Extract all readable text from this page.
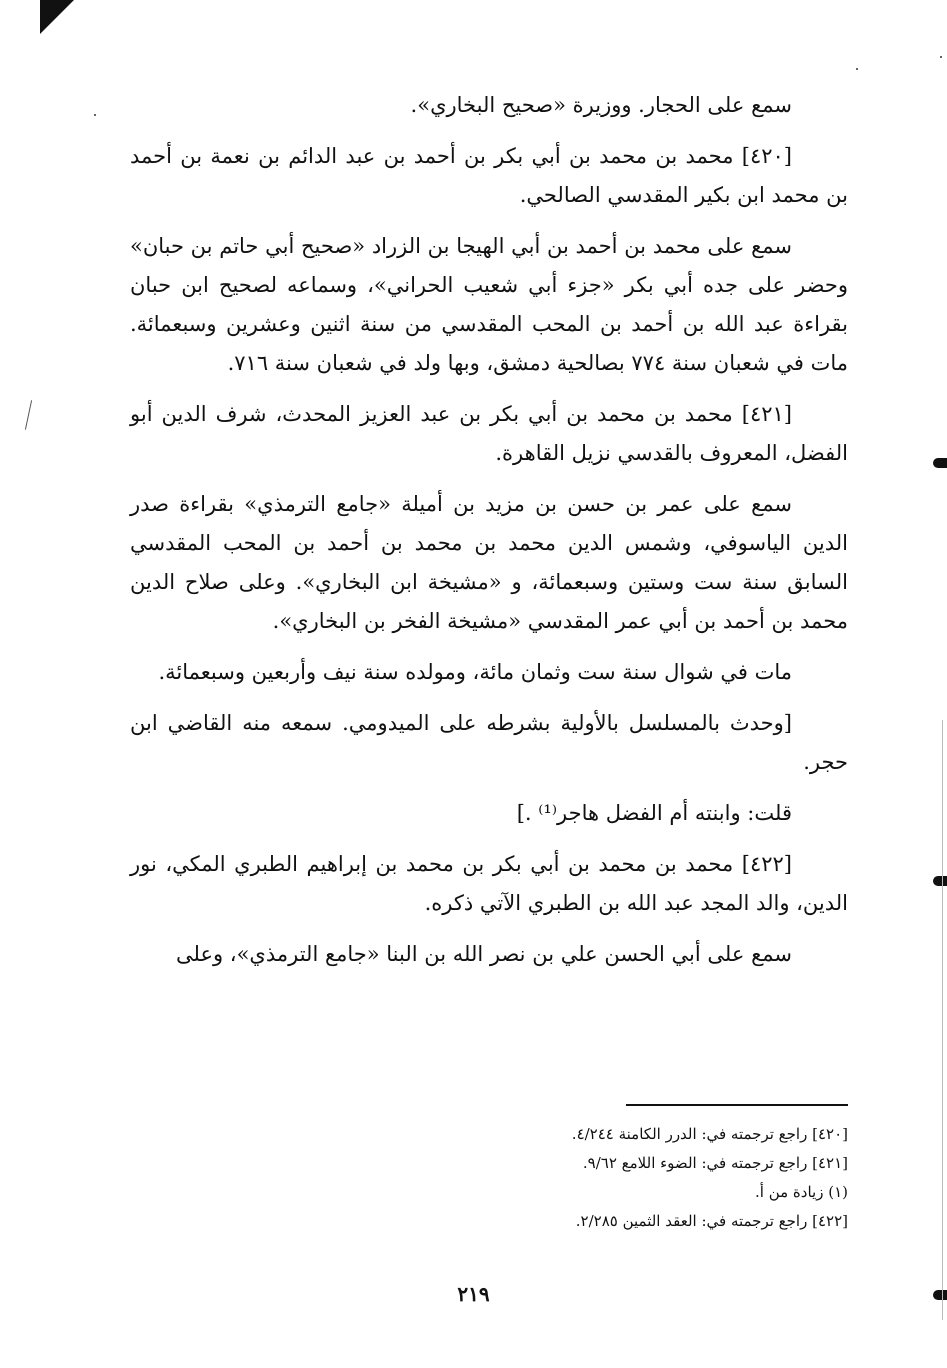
سمع على الحجار. ووزيرة «صحيح البخاري».

[٤٢٠] محمد بن محمد بن أبي بكر بن أحمد بن عبد الدائم بن نعمة بن أحمد بن محمد ابن بكير المقدسي الصالحي.

سمع على محمد بن أحمد بن أبي الهيجا بن الزراد «صحيح أبي حاتم بن حبان» وحضر على جده أبي بكر «جزء أبي شعيب الحراني»، وسماعه لصحيح ابن حبان بقراءة عبد الله بن أحمد بن المحب المقدسي من سنة اثنين وعشرين وسبعمائة. مات في شعبان سنة ٧٧٤ بصالحية دمشق، وبها ولد في شعبان سنة ٧١٦.

[٤٢١] محمد بن محمد بن أبي بكر بن عبد العزيز المحدث، شرف الدين أبو الفضل، المعروف بالقدسي نزيل القاهرة.

سمع على عمر بن حسن بن مزيد بن أميلة «جامع الترمذي» بقراءة صدر الدين الياسوفي، وشمس الدين محمد بن محمد بن أحمد بن المحب المقدسي السابق سنة ست وستين وسبعمائة، و «مشيخة ابن البخاري». وعلى صلاح الدين محمد بن أحمد بن أبي عمر المقدسي «مشيخة الفخر بن البخاري».

مات في شوال سنة ست وثمان مائة، ومولده سنة نيف وأربعين وسبعمائة.

[وحدث بالمسلسل بالأولية بشرطه على الميدومي. سمعه منه القاضي ابن حجر.

قلت: وابنته أم الفضل هاجر⁽¹⁾ .]

[٤٢٢] محمد بن محمد بن أبي بكر بن محمد بن إبراهيم الطبري المكي، نور الدين، والد المجد عبد الله بن الطبري الآتي ذكره.

سمع على أبي الحسن علي بن نصر الله بن البنا «جامع الترمذي»، وعلى

[٤٢٠] راجع ترجمته في: الدرر الكامنة ٤/٢٤٤.

[٤٢١] راجع ترجمته في: الضوء اللامع ٩/٦٢.

(١) زيادة من أ.

[٤٢٢] راجع ترجمته في: العقد الثمين ٢/٢٨٥.

٢١٩
